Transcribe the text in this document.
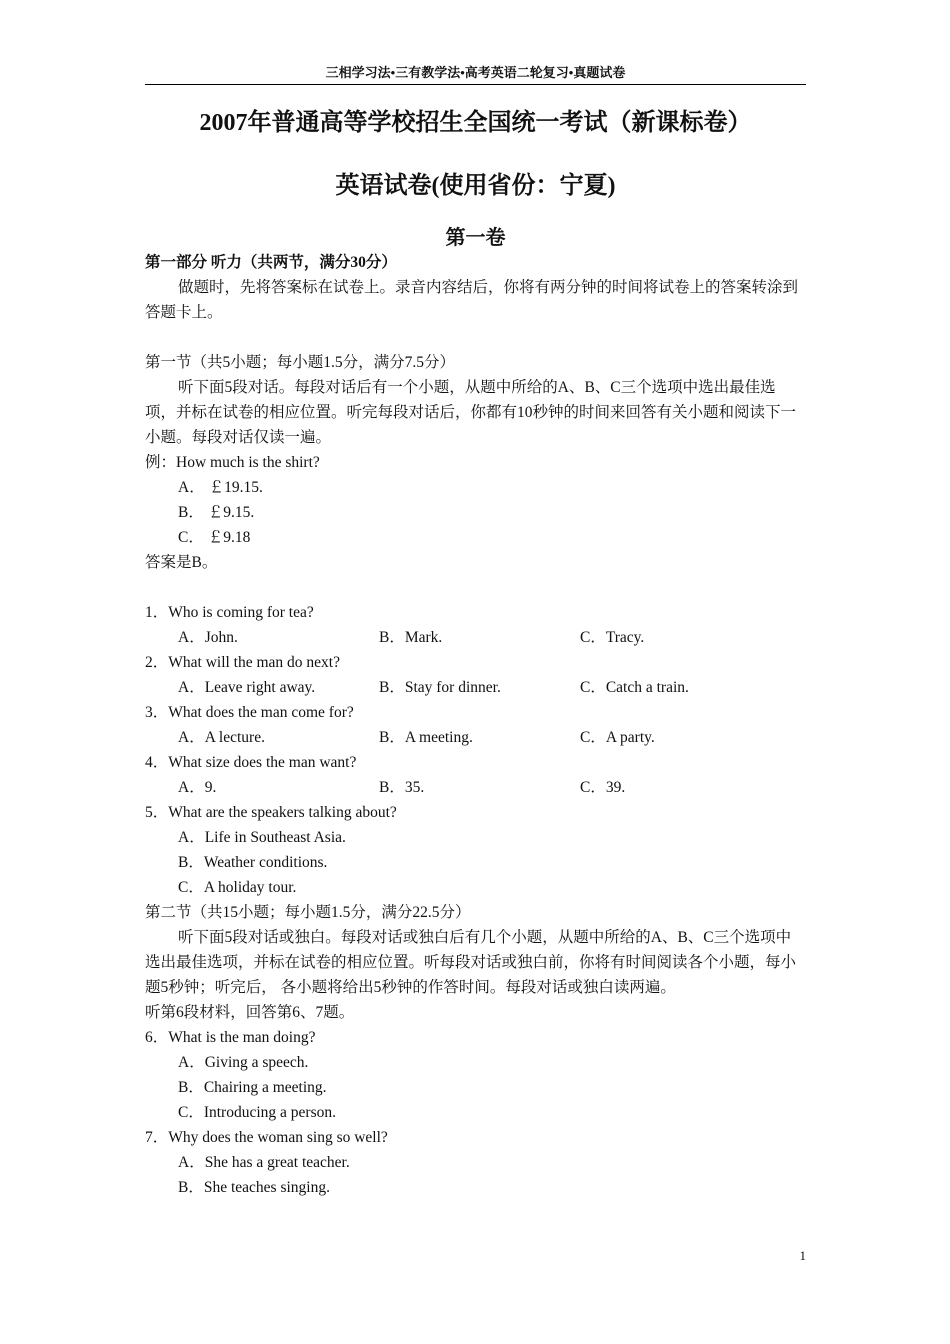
三相学习法•三有教学法•高考英语二轮复习•真题试卷
2007年普通高等学校招生全国统一考试（新课标卷）
英语试卷(使用省份：宁夏)
第一卷
第一部分 听力（共两节，满分30分）
做题时，先将答案标在试卷上。录音内容结后，你将有两分钟的时间将试卷上的答案转涂到答题卡上。
第一节（共5小题；每小题1.5分，满分7.5分）
听下面5段对话。每段对话后有一个小题，从题中所给的A、B、C三个选项中选出最佳选项，并标在试卷的相应位置。听完每段对话后，你都有10秒钟的时间来回答有关小题和阅读下一小题。每段对话仅读一遍。
例：How much is the shirt?
A． ￡19.15.
B． ￡9.15.
C． ￡9.18
答案是B。
1．Who is coming for tea?
A．John.	B．Mark.	C．Tracy.
2．What will the man do next?
A．Leave right away.	B．Stay for dinner.	C．Catch a train.
3．What does the man come for?
A．A lecture.	B．A meeting.	C．A party.
4．What size does the man want?
A．9.	B．35.	C．39.
5．What are the speakers talking about?
A．Life in Southeast Asia.
B．Weather conditions.
C．A holiday tour.
第二节（共15小题；每小题1.5分，满分22.5分）
听下面5段对话或独白。每段对话或独白后有几个小题，从题中所给的A、B、C三个选项中选出最佳选项，并标在试卷的相应位置。听每段对话或独白前，你将有时间阅读各个小题，每小题5秒钟；听完后， 各小题将给出5秒钟的作答时间。每段对话或独白读两遍。
听第6段材料，回答第6、7题。
6．What is the man doing?
A．Giving a speech.
B．Chairing a meeting.
C．Introducing a person.
7．Why does the woman sing so well?
A．She has a great teacher.
B．She teaches singing.
1
